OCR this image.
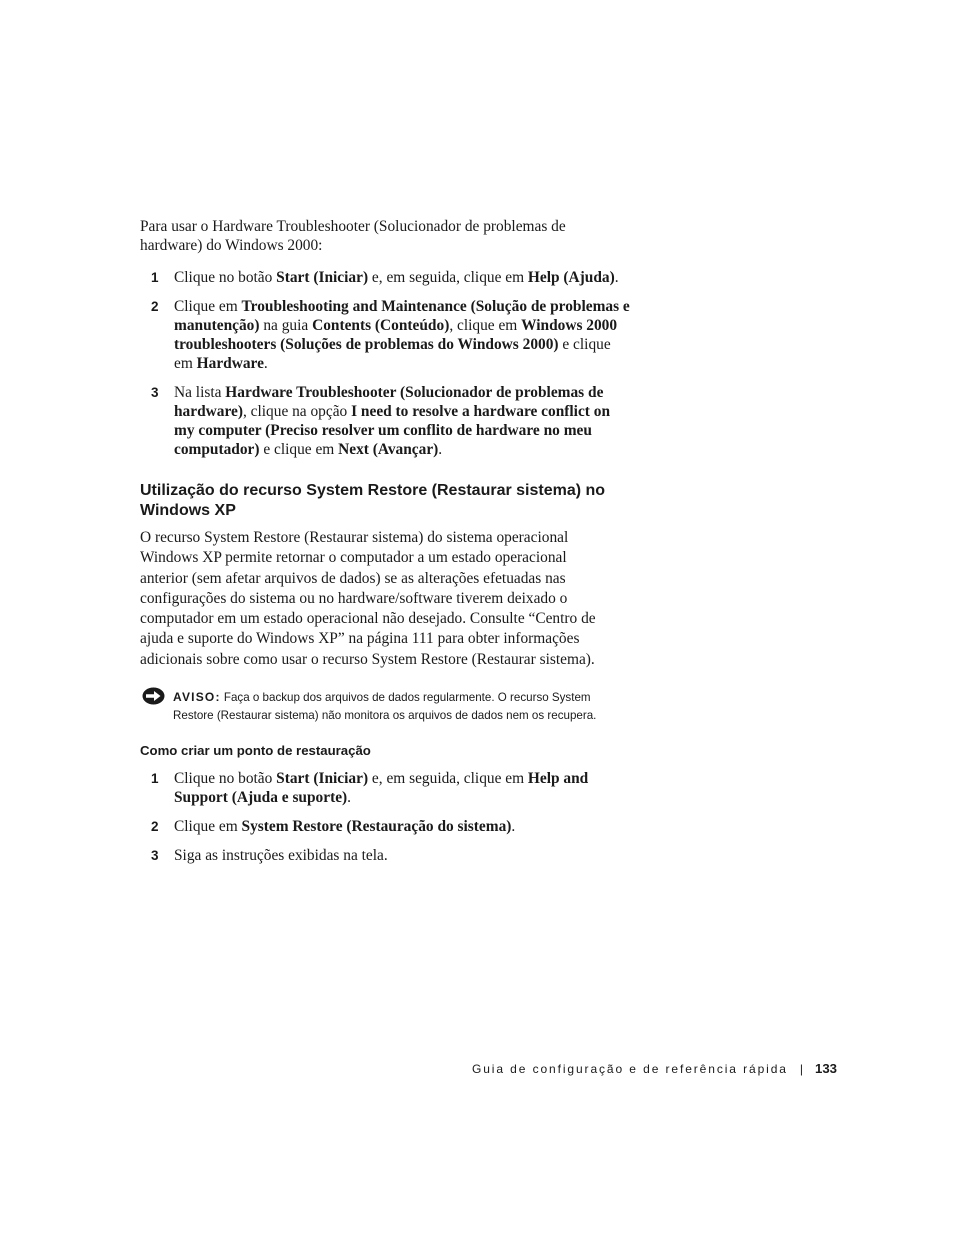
Para usar o Hardware Troubleshooter (Solucionador de problemas de hardware) do Windows 2000:

1 Clique no botão Start (Iniciar) e, em seguida, clique em Help (Ajuda).
2 Clique em Troubleshooting and Maintenance (Solução de problemas e manutenção) na guia Contents (Conteúdo), clique em Windows 2000 troubleshooters (Soluções de problemas do Windows 2000) e clique em Hardware.
3 Na lista Hardware Troubleshooter (Solucionador de problemas de hardware), clique na opção I need to resolve a hardware conflict on my computer (Preciso resolver um conflito de hardware no meu computador) e clique em Next (Avançar).
Utilização do recurso System Restore (Restaurar sistema) no Windows XP

O recurso System Restore (Restaurar sistema) do sistema operacional Windows XP permite retornar o computador a um estado operacional anterior (sem afetar arquivos de dados) se as alterações efetuadas nas configurações do sistema ou no hardware/software tiverem deixado o computador em um estado operacional não desejado. Consulte “Centro de ajuda e suporte do Windows XP” na página 111 para obter informações adicionais sobre como usar o recurso System Restore (Restaurar sistema).

AVISO: Faça o backup dos arquivos de dados regularmente. O recurso System Restore (Restaurar sistema) não monitora os arquivos de dados nem os recupera.
Como criar um ponto de restauração
1 Clique no botão Start (Iniciar) e, em seguida, clique em Help and Support (Ajuda e suporte).
2 Clique em System Restore (Restauração do sistema).
3 Siga as instruções exibidas na tela.
Guia de configuração e de referência rápida | 133
